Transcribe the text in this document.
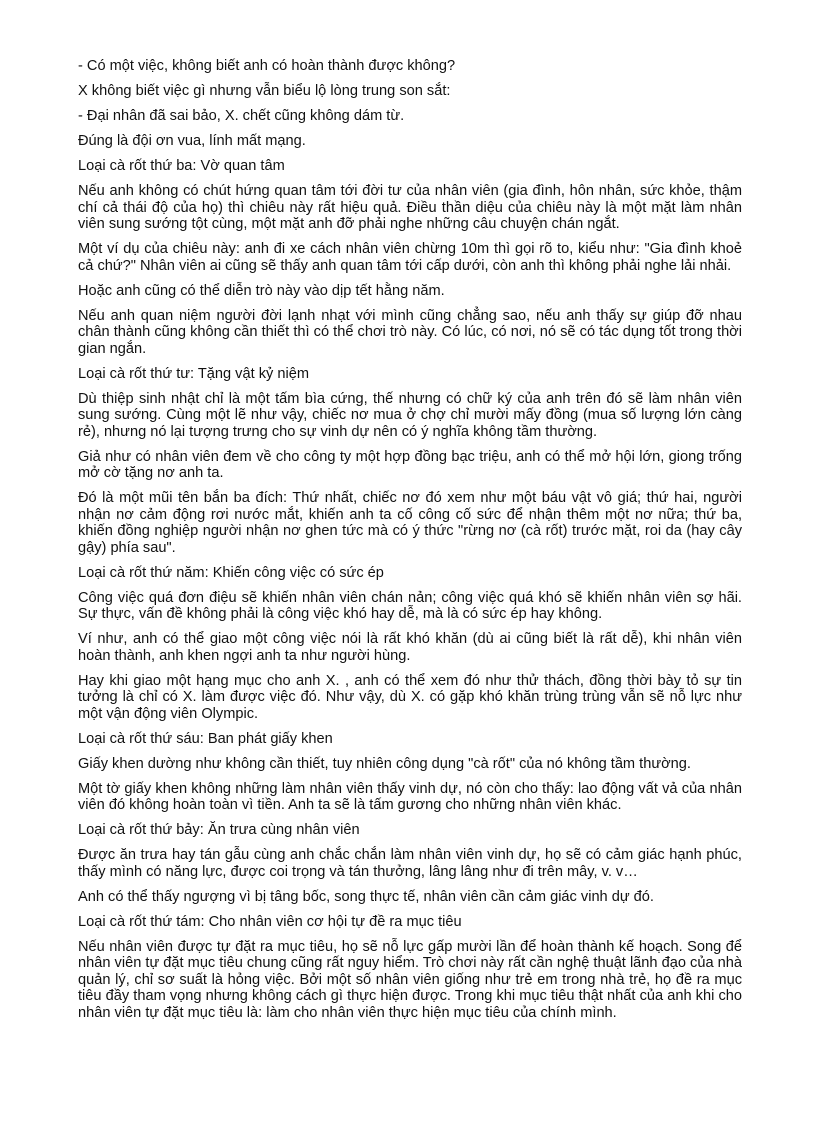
- Có một việc, không biết anh có hoàn thành được không?

X không biết việc gì nhưng vẫn biểu lộ lòng trung son sắt:

- Đại nhân đã sai bảo, X. chết cũng không dám từ.

Đúng là đội ơn vua, lính mất mạng.

Loại cà rốt thứ ba: Vờ quan tâm

Nếu anh không có chút hứng quan tâm tới đời tư của nhân viên (gia đình, hôn nhân, sức khỏe, thậm chí cả thái độ của họ) thì chiêu này rất hiệu quả. Điều thần diệu của chiêu này là một mặt làm nhân viên sung sướng tột cùng, một mặt anh đỡ phải nghe những câu chuyện chán ngắt.

Một ví dụ của chiêu này: anh đi xe cách nhân viên chừng 10m thì gọi rõ to, kiểu như: "Gia đình khoẻ cả chứ?" Nhân viên ai cũng sẽ thấy anh quan tâm tới cấp dưới, còn anh thì không phải nghe lải nhải.

Hoặc anh cũng có thể diễn trò này vào dịp tết hằng năm.

Nếu anh quan niệm người đời lạnh nhạt với mình cũng chẳng sao, nếu anh thấy sự giúp đỡ nhau chân thành cũng không cần thiết thì có thể chơi trò này. Có lúc, có nơi, nó sẽ có tác dụng tốt trong thời gian ngắn.

Loại cà rốt thứ tư: Tặng vật kỷ niệm

Dù thiệp sinh nhật chỉ là một tấm bìa cứng, thế nhưng có chữ ký của anh trên đó sẽ làm nhân viên sung sướng. Cùng một lẽ như vậy, chiếc nơ mua ở chợ chỉ mười mấy đồng (mua số lượng lớn càng rẻ), nhưng nó lại tượng trưng cho sự vinh dự nên có ý nghĩa không tầm thường.

Giả như có nhân viên đem về cho công ty một hợp đồng bạc triệu, anh có thể mở hội lớn, giong trống mở cờ tặng nơ anh ta.

Đó là một mũi tên bắn ba đích: Thứ nhất, chiếc nơ đó xem như một báu vật vô giá; thứ hai, người nhận nơ cảm động rơi nước mắt, khiến anh ta cố công cố sức để nhận thêm một nơ nữa; thứ ba, khiến đồng nghiệp người nhận nơ ghen tức mà có ý thức "rừng nơ (cà rốt) trước mặt, roi da (hay cây gậy) phía sau".

Loại cà rốt thứ năm: Khiến công việc có sức ép

Công việc quá đơn điệu sẽ khiến nhân viên chán nản; công việc quá khó sẽ khiến nhân viên sợ hãi. Sự thực, vấn đề không phải là công việc khó hay dễ, mà là có sức ép hay không.

Ví như, anh có thể giao một công việc nói là rất khó khăn (dù ai cũng biết là rất dễ), khi nhân viên hoàn thành, anh khen ngợi anh ta như người hùng.

Hay khi giao một hạng mục cho anh X. , anh có thể xem đó như thử thách, đồng thời bày tỏ sự tin tưởng là chỉ có X. làm được việc đó. Như vậy, dù X. có gặp khó khăn trùng trùng vẫn sẽ nỗ lực như một vận động viên Olympic.

Loại cà rốt thứ sáu: Ban phát giấy khen

Giấy khen dường như không cần thiết, tuy nhiên công dụng "cà rốt" của nó không tầm thường.

Một tờ giấy khen không những làm nhân viên thấy vinh dự, nó còn cho thấy: lao động vất vả của nhân viên đó không hoàn toàn vì tiền. Anh ta sẽ là tấm gương cho những nhân viên khác.

Loại cà rốt thứ bảy: Ăn trưa cùng nhân viên

Được ăn trưa hay tán gẫu cùng anh chắc chắn làm nhân viên vinh dự, họ sẽ có cảm giác hạnh phúc, thấy mình có năng lực, được coi trọng và tán thưởng, lâng lâng như đi trên mây, v. v…

Anh có thể thấy ngượng vì bị tâng bốc, song thực tế, nhân viên cần cảm giác vinh dự đó.

Loại cà rốt thứ tám: Cho nhân viên cơ hội tự đề ra mục tiêu

Nếu nhân viên được tự đặt ra mục tiêu, họ sẽ nỗ lực gấp mười lần để hoàn thành kế hoạch. Song để nhân viên tự đặt mục tiêu chung cũng rất nguy hiểm. Trò chơi này rất cần nghệ thuật lãnh đạo của nhà quản lý, chỉ sơ suất là hỏng việc. Bởi một số nhân viên giống như trẻ em trong nhà trẻ, họ đề ra mục tiêu đầy tham vọng nhưng không cách gì thực hiện được. Trong khi mục tiêu thật nhất của anh khi cho nhân viên tự đặt mục tiêu là: làm cho nhân viên thực hiện mục tiêu của chính mình.
